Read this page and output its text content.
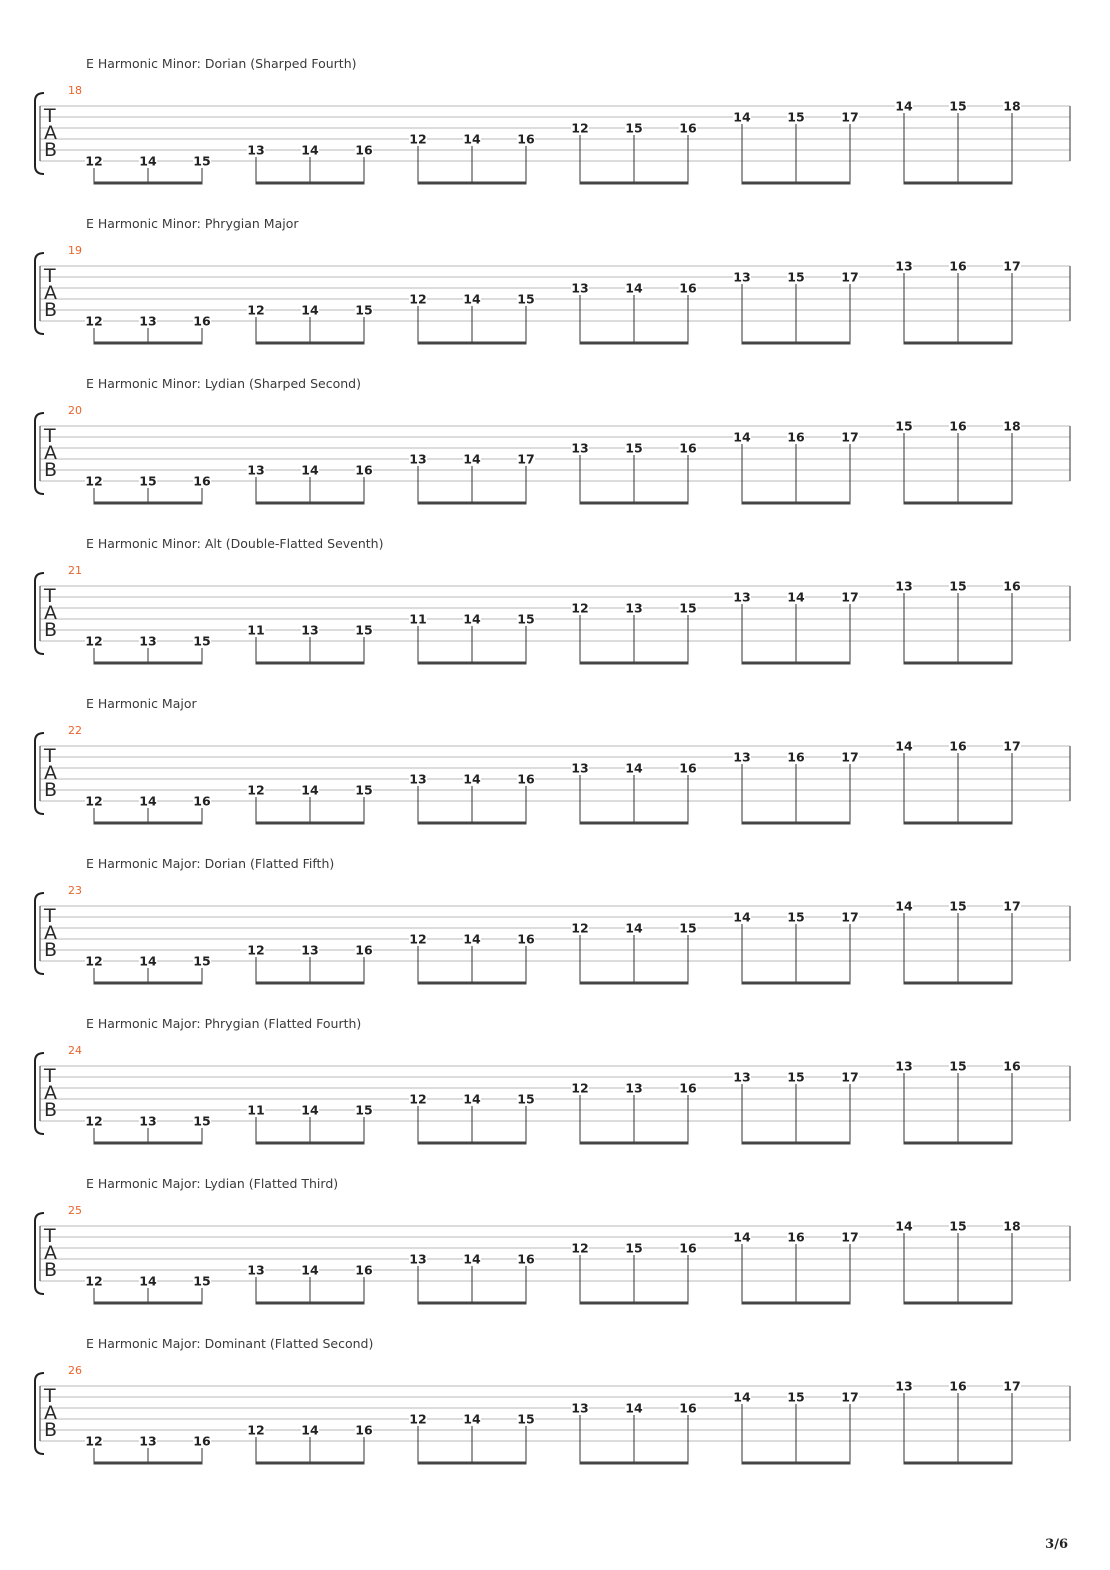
E Harmonic Minor: Dorian (Sharped Fourth)
18
T
A
B 12	14	15
13	14	16
12	14	16
12	15	16
14	15	17
14	15	18
E Harmonic Minor: Phrygian Major
19
T
A
B 12	13	16
12	14	15
12	14	15
13	14	16
13	15	17
13	16	17
E Harmonic Minor: Lydian (Sharped Second)
20
T
A
B 12	15	16
13	14	16
13	14	17
13	15	16
14	16	17
15	16	18
E Harmonic Minor: Alt (Double-Flatted Seventh)
21
T
A
B 12	13	15
11	13	15
11	14	15
12	13	15
13	14	17
13	15	16
E Harmonic Major
22
T
A
B 12	14	16
12	14	15
13	14	16
13	14	16
13	16	17
14	16	17
E Harmonic Major: Dorian (Flatted Fifth)
23
T
A
B 12	14	15
12	13	16
12	14	16
12	14	15
14	15	17
14	15	17
E Harmonic Major: Phrygian (Flatted Fourth)
24
T
A
B 12	13	15
11	14	15
12	14	15
12	13	16
13	15	17
13	15	16
E Harmonic Major: Lydian (Flatted Third)
25
T
A
B 12	14	15
13	14	16
13	14	16
12	15	16
14	16	17
14	15	18
E Harmonic Major: Dominant (Flatted Second)
26
T
A
B 12	13	16
12	14	16
12	14	15
13	14	16
14	15	17
13	16	17
3/6
